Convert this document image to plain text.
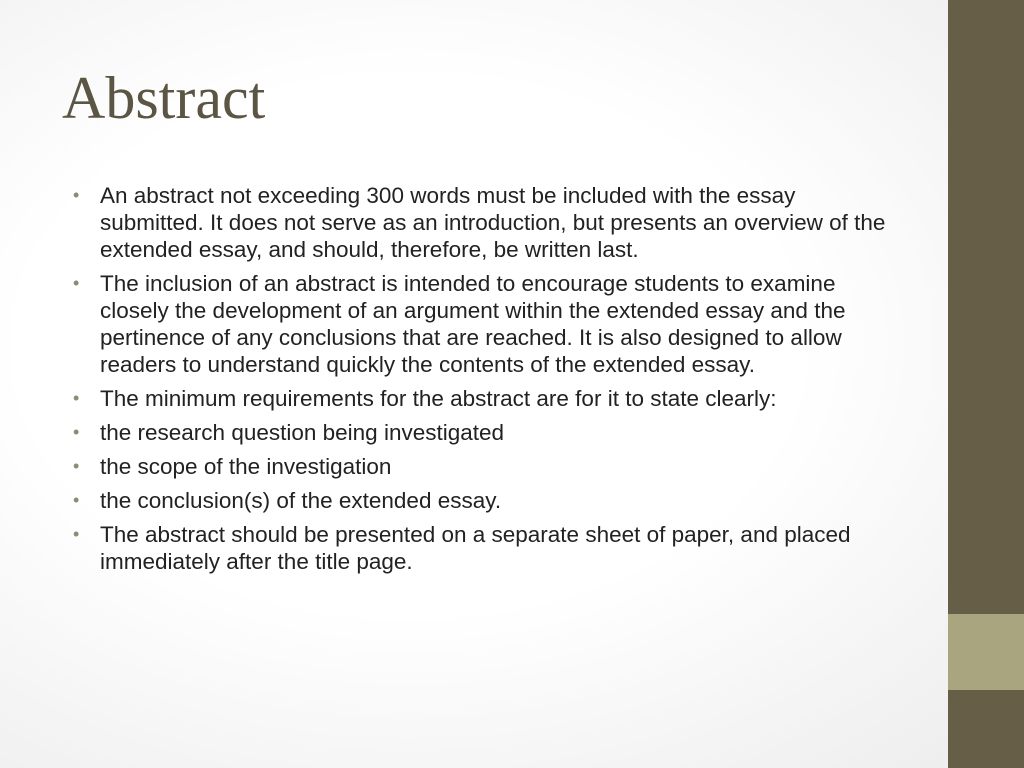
Abstract
• An abstract not exceeding 300 words must be included with the essay submitted. It does not serve as an introduction, but presents an overview of the extended essay, and should, therefore, be written last.
• The inclusion of an abstract is intended to encourage students to examine closely the development of an argument within the extended essay and the pertinence of any conclusions that are reached. It is also designed to allow readers to understand quickly the contents of the extended essay.
• The minimum requirements for the abstract are for it to state clearly:
• the research question being investigated
• the scope of the investigation
• the conclusion(s) of the extended essay.
• The abstract should be presented on a separate sheet of paper, and placed immediately after the title page.
